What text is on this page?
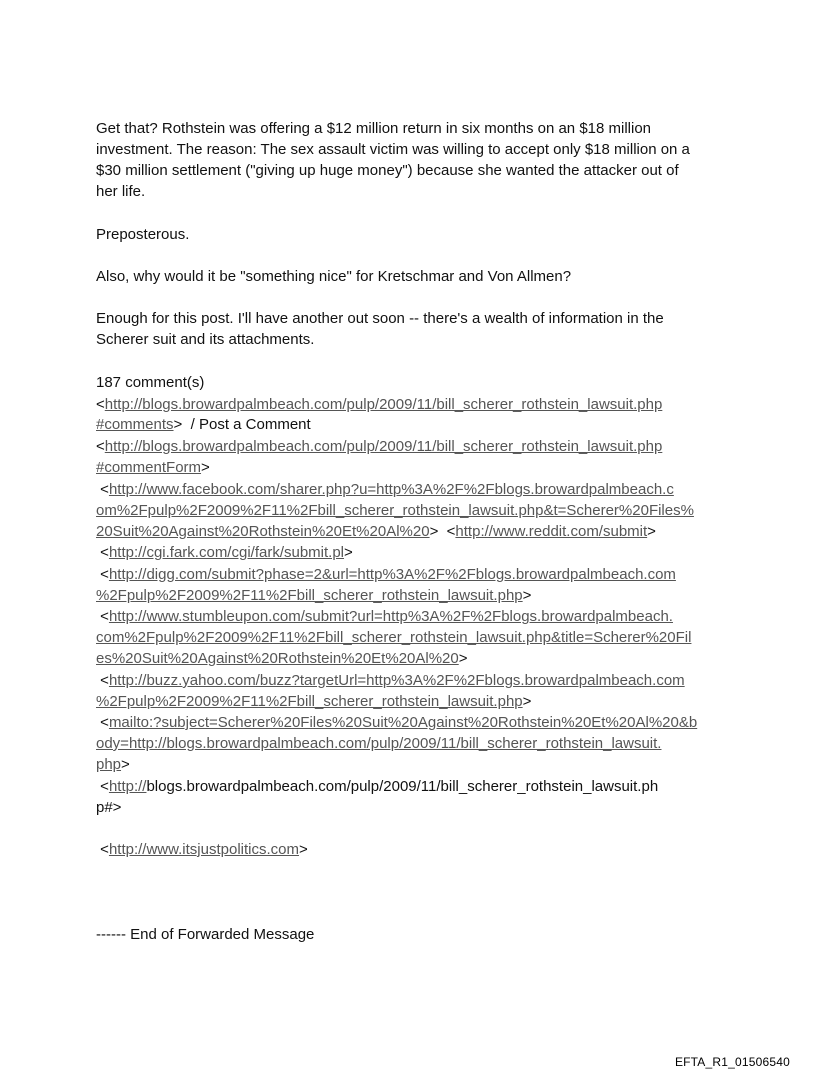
Get that? Rothstein was offering a $12 million return in six months on an $18 million
investment. The reason: The sex assault victim was willing to accept only $18 million on a
$30 million settlement ("giving up huge money") because she wanted the attacker out of
her life.
Preposterous.
Also, why would it be "something nice" for Kretschmar and Von Allmen?
Enough for this post. I'll have another out soon -- there's a wealth of information in the
Scherer suit and its attachments.
187 comment(s)
<http://blogs.browardpalmbeach.com/pulp/2009/11/bill_scherer_rothstein_lawsuit.php
#comments>  / Post a Comment
<http://blogs.browardpalmbeach.com/pulp/2009/11/bill_scherer_rothstein_lawsuit.php
#commentForm>
<http://www.facebook.com/sharer.php?u=http%3A%2F%2Fblogs.browardpalmbeach.c
om%2Fpulp%2F2009%2F11%2Fbill_scherer_rothstein_lawsuit.php&t=Scherer%20Files%
20Suit%20Against%20Rothstein%20Et%20Al%20>  <http://www.reddit.com/submit>
<http://cgi.fark.com/cgi/fark/submit.pl>
<http://digg.com/submit?phase=2&url=http%3A%2F%2Fblogs.browardpalmbeach.com
%2Fpulp%2F2009%2F11%2Fbill_scherer_rothstein_lawsuit.php>
<http://www.stumbleupon.com/submit?url=http%3A%2F%2Fblogs.browardpalmbeach.
com%2Fpulp%2F2009%2F11%2Fbill_scherer_rothstein_lawsuit.php&title=Scherer%20Fil
es%20Suit%20Against%20Rothstein%20Et%20Al%20>
<http://buzz.yahoo.com/buzz?targetUrl=http%3A%2F%2Fblogs.browardpalmbeach.com
%2Fpulp%2F2009%2F11%2Fbill_scherer_rothstein_lawsuit.php>
<mailto:?subject=Scherer%20Files%20Suit%20Against%20Rothstein%20Et%20Al%20&b
ody=http://blogs.browardpalmbeach.com/pulp/2009/11/bill_scherer_rothstein_lawsuit.
php>
<http://blogs.browardpalmbeach.com/pulp/2009/11/bill_scherer_rothstein_lawsuit.ph
p#>
<http://www.itsjustpolitics.com>
------ End of Forwarded Message
EFTA_R1_01506540
